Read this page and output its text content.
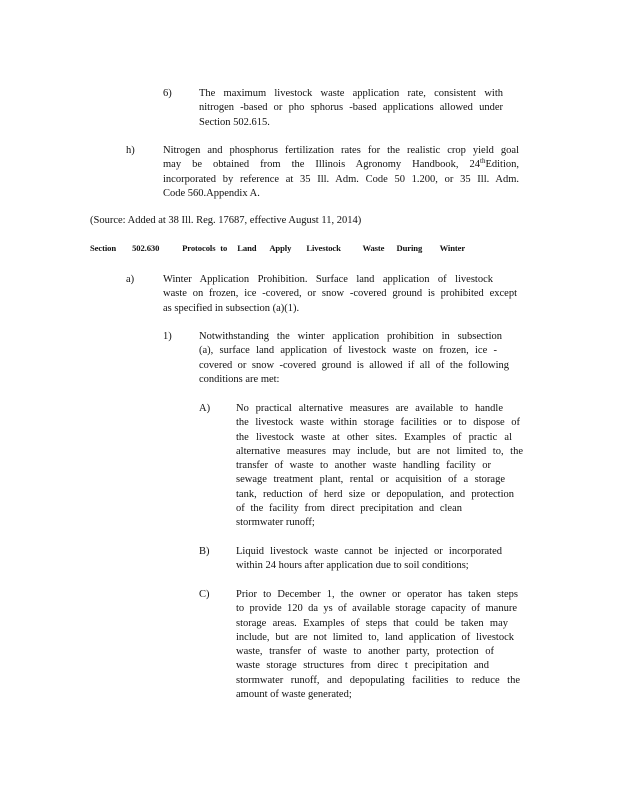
6)	The maximum livestock waste application rate, consistent with
nitrogen -based or pho sphorus -based applications allowed under
Section 502.615.
h)	Nitrogen and phosphorus fertilization rates for the realistic crop yield goal
may be obtained from the Illinois Agronomy Handbook, 24thEdition,
incorporated by reference at 35 Ill. Adm. Code 50 1.200, or 35 Ill. Adm.
Code 560.Appendix A.
(Source: Added at 38 Ill. Reg. 17687, effective August 11, 2014)
Section 502.630	Protocols to Land Apply Livestock	Waste During Winter
a)	Winter Application Prohibition. Surface land application of livestock
waste on frozen, ice -covered, or snow -covered ground is prohibited except
as specified in subsection (a)(1).
1)	Notwithstanding the winter application prohibition in subsection
(a), surface land application of livestock waste on frozen, ice -
covered or snow -covered ground is allowed if all of the following
conditions are met:
A) No practical alternative measures are available to handle
the livestock waste within storage facilities or to dispose of
the livestock waste at other sites. Examples of practic al
alternative measures may include, but are not limited to, the
transfer of waste to another waste handling facility or
sewage treatment plant, rental or acquisition of a storage
tank, reduction of herd size or depopulation, and protection
of the facility from direct precipitation and clean
stormwater runoff;
B)	Liquid livestock waste cannot be injected or incorporated
within 24 hours after application due to soil conditions;
C)	Prior to December 1, the owner or operator has taken steps
to provide 120 da ys of available storage capacity of manure
storage areas. Examples of steps that could be taken may
include, but are not limited to, land application of livestock
waste, transfer of waste to another party, protection of
waste storage structures from direc t precipitation and
stormwater runoff, and depopulating facilities to reduce the
amount of waste generated;
